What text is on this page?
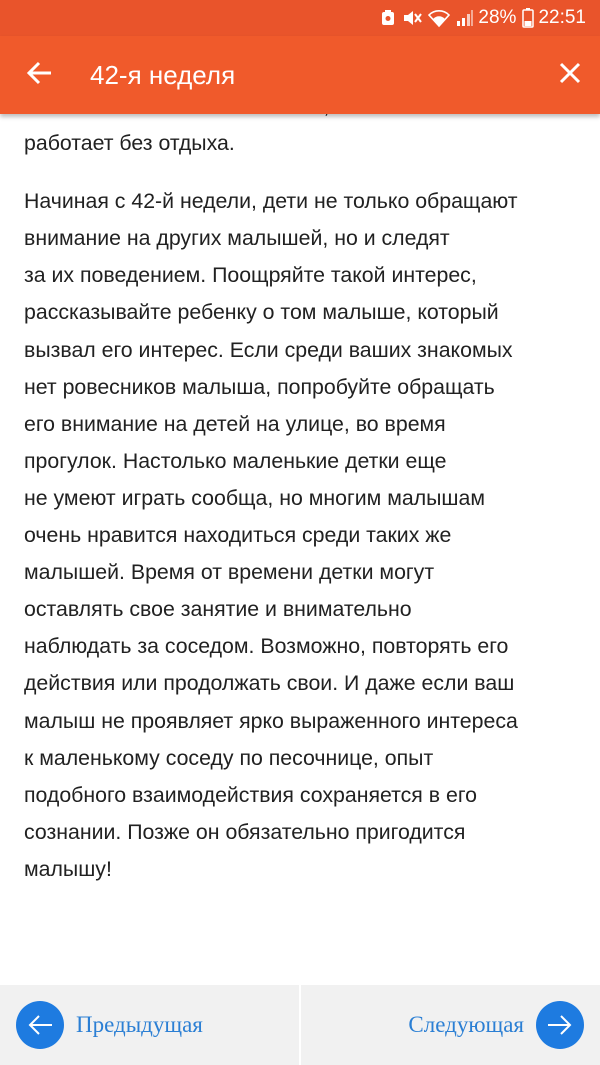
28% 22:51
42-я неделя

работает без отдыха.

Начиная с 42-й недели, дети не только обращают
внимание на других малышей, но и следят
за их поведением. Поощряйте такой интерес,
рассказывайте ребенку о том малыше, который
вызвал его интерес. Если среди ваших знакомых
нет ровесников малыша, попробуйте обращать
его внимание на детей на улице, во время
прогулок. Настолько маленькие детки еще
не умеют играть сообща, но многим малышам
очень нравится находиться среди таких же
малышей. Время от времени детки могут
оставлять свое занятие и внимательно
наблюдать за соседом. Возможно, повторять его
действия или продолжать свои. И даже если ваш
малыш не проявляет ярко выраженного интереса
к маленькому соседу по песочнице, опыт
подобного взаимодействия сохраняется в его
сознании. Позже он обязательно пригодится
малышу!

Предыдущая	Следующая
